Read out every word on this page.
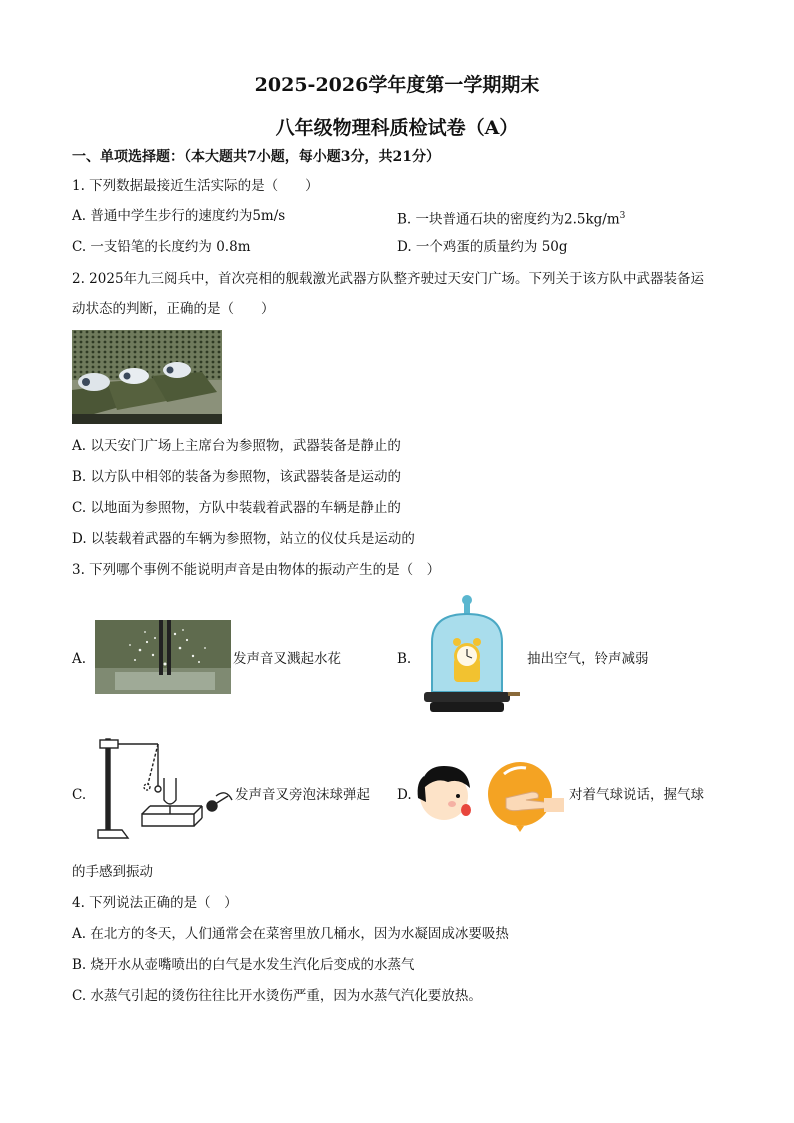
2025-2026学年度第一学期期末
八年级物理科质检试卷（A）
一、单项选择题：（本大题共7小题，每小题3分，共21分）
1. 下列数据最接近生活实际的是（　　）
A. 普通中学生步行的速度约为5m/s	B. 一块普通石块的密度约为$2.5kg/m^3$
C. 一支铅笔的长度约为 0.8m	D. 一个鸡蛋的质量约为 50g
2. 2025年九三阅兵中，首次亮相的舰载激光武器方队整齐驶过天安门广场。下列关于该方队中武器装备运
动状态的判断，正确的是（　　）
A. 以天安门广场上主席台为参照物，武器装备是静止的
B. 以方队中相邻的装备为参照物，该武器装备是运动的
C. 以地面为参照物，方队中装载着武器的车辆是静止的
D. 以装载着武器的车辆为参照物，站立的仪仗兵是运动的
3. 下列哪个事例不能说明声音是由物体的振动产生的是（　）
A.	发声音叉溅起水花	B.	抽出空气，铃声减弱
C.	发声音叉旁泡沫球弹起 D.	对着气球说话，握气球
的手感到振动
4. 下列说法正确的是（　）
A. 在北方的冬天，人们通常会在菜窖里放几桶水，因为水凝固成冰要吸热
B. 烧开水从壶嘴喷出的白气是水发生汽化后变成的水蒸气
C. 水蒸气引起的烫伤往往比开水烫伤严重，因为水蒸气汽化要放热。
